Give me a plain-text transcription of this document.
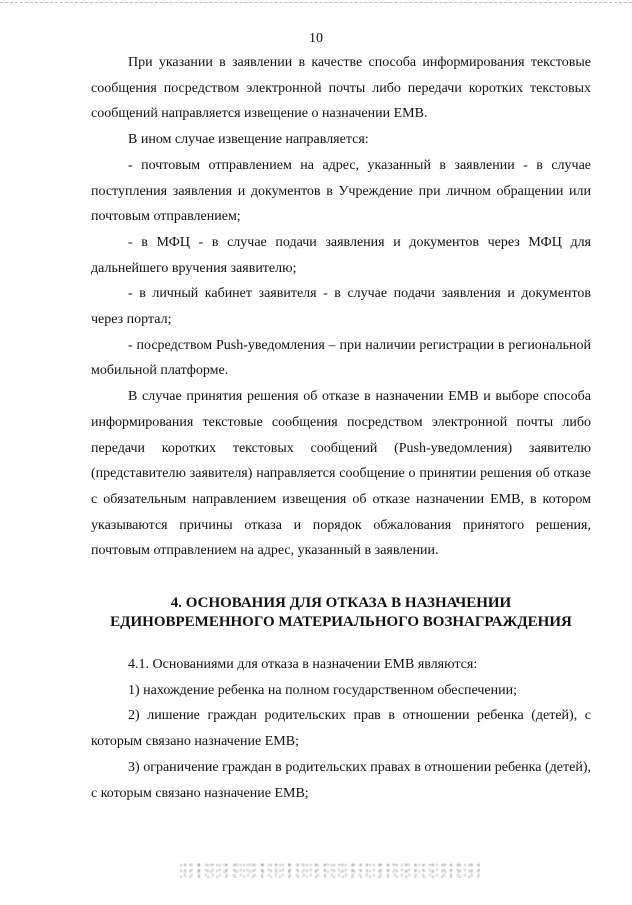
10

При указании в заявлении в качестве способа информирования текстовые сообщения посредством электронной почты либо передачи коротких текстовых сообщений направляется извещение о назначении ЕМВ.

В ином случае извещение направляется:

- почтовым отправлением на адрес, указанный в заявлении - в случае поступления заявления и документов в Учреждение при личном обращении или почтовым отправлением;

- в МФЦ - в случае подачи заявления и документов через МФЦ для дальнейшего вручения заявителю;

- в личный кабинет заявителя - в случае подачи заявления и документов через портал;

- посредством Push-уведомления – при наличии регистрации в региональной мобильной платформе.

В случае принятия решения об отказе в назначении ЕМВ и выборе способа информирования текстовые сообщения посредством электронной почты либо передачи коротких текстовых сообщений (Push-уведомления) заявителю (представителю заявителя) направляется сообщение о принятии решения об отказе с обязательным направлением извещения об отказе назначении ЕМВ, в котором указываются причины отказа и порядок обжалования принятого решения, почтовым отправлением на адрес, указанный в заявлении.

4. ОСНОВАНИЯ ДЛЯ ОТКАЗА В НАЗНАЧЕНИИ
ЕДИНОВРЕМЕННОГО МАТЕРИАЛЬНОГО ВОЗНАГРАЖДЕНИЯ

4.1. Основаниями для отказа в назначении ЕМВ являются:

1) нахождение ребенка на полном государственном обеспечении;

2) лишение граждан родительских прав в отношении ребенка (детей), с которым связано назначение ЕМВ;

3) ограничение граждан в родительских правах в отношении ребенка (детей), с которым связано назначение ЕМВ;
